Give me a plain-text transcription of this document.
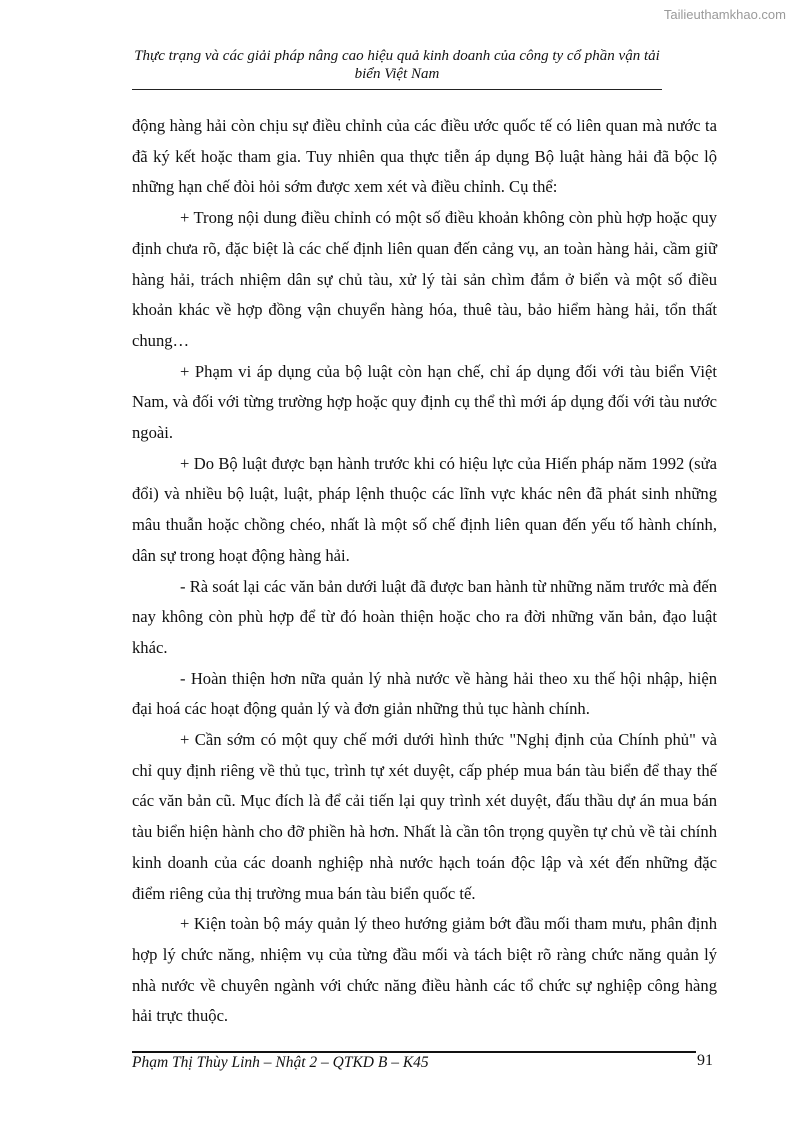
Tailieuthamkhao.com
Thực trạng và các giải pháp nâng cao hiệu quả kinh doanh của công ty cổ phần vận tải
biển Việt Nam

động hàng hải còn chịu sự điều chỉnh của các điều ước quốc tế có liên quan mà nước ta đã ký kết hoặc tham gia. Tuy nhiên qua thực tiễn áp dụng Bộ luật hàng hải đã bộc lộ những hạn chế đòi hỏi sớm được xem xét và điều chỉnh. Cụ thể:

+ Trong nội dung điều chỉnh có một số điều khoản không còn phù hợp hoặc quy định chưa rõ, đặc biệt là các chế định liên quan đến cảng vụ, an toàn hàng hải, cầm giữ hàng hải, trách nhiệm dân sự chủ tàu, xử lý tài sản chìm đắm ở biển và một số điều khoản khác về hợp đồng vận chuyển hàng hóa, thuê tàu, bảo hiểm hàng hải, tổn thất chung…

+ Phạm vi áp dụng của bộ luật còn hạn chế, chỉ áp dụng đối với tàu biển Việt Nam, và đối với từng trường hợp hoặc quy định cụ thể thì mới áp dụng đối với tàu nước ngoài.

+ Do Bộ luật được bạn hành trước khi có hiệu lực của Hiến pháp năm 1992 (sửa đổi) và nhiều bộ luật, luật, pháp lệnh thuộc các lĩnh vực khác nên đã phát sinh những mâu thuẫn hoặc chồng chéo, nhất là một số chế định liên quan đến yếu tố hành chính, dân sự trong hoạt động hàng hải.

- Rà soát lại các văn bản dưới luật đã được ban hành từ những năm trước mà đến nay không còn phù hợp để từ đó hoàn thiện hoặc cho ra đời những văn bản, đạo luật khác.

- Hoàn thiện hơn nữa quản lý nhà nước về hàng hải theo xu thế hội nhập, hiện đại hoá các hoạt động quản lý và đơn giản những thủ tục hành chính.

+ Cần sớm có một quy chế mới dưới hình thức "Nghị định của Chính phủ" và chỉ quy định riêng về thủ tục, trình tự xét duyệt, cấp phép mua bán tàu biển để thay thế các văn bản cũ. Mục đích là để cải tiến lại quy trình xét duyệt, đấu thầu dự án mua bán tàu biển hiện hành cho đỡ phiền hà hơn. Nhất là cần tôn trọng quyền tự chủ về tài chính kinh doanh của các doanh nghiệp nhà nước hạch toán độc lập và xét đến những đặc điểm riêng của thị trường mua bán tàu biển quốc tế.

+ Kiện toàn bộ máy quản lý theo hướng giảm bớt đầu mối tham mưu, phân định hợp lý chức năng, nhiệm vụ của từng đầu mối và tách biệt rõ ràng chức năng quản lý nhà nước về chuyên ngành với chức năng điều hành các tổ chức sự nghiệp công hàng hải trực thuộc.

Phạm Thị Thùy Linh – Nhật 2 – QTKD B – K45	91
